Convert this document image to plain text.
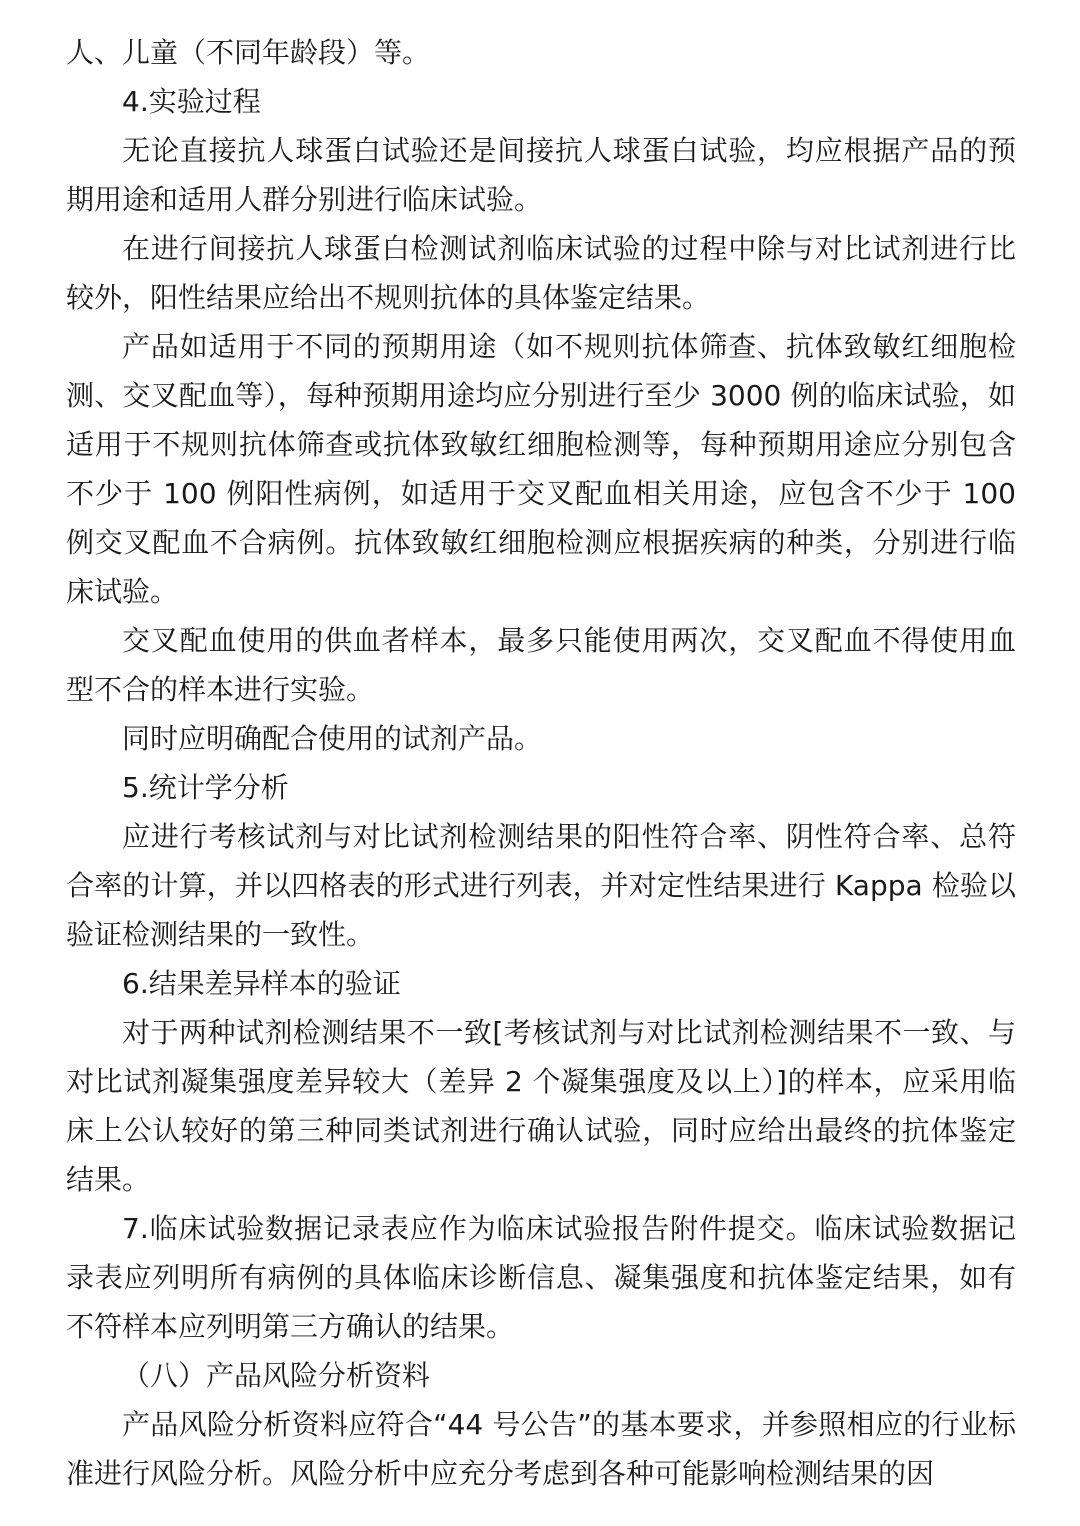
人、儿童（不同年龄段）等。

4.实验过程

无论直接抗人球蛋白试验还是间接抗人球蛋白试验，均应根据产品的预期用途和适用人群分别进行临床试验。

在进行间接抗人球蛋白检测试剂临床试验的过程中除与对比试剂进行比较外，阳性结果应给出不规则抗体的具体鉴定结果。

产品如适用于不同的预期用途（如不规则抗体筛查、抗体致敏红细胞检测、交叉配血等），每种预期用途均应分别进行至少 3000 例的临床试验，如适用于不规则抗体筛查或抗体致敏红细胞检测等，每种预期用途应分别包含不少于 100 例阳性病例，如适用于交叉配血相关用途，应包含不少于 100 例交叉配血不合病例。抗体致敏红细胞检测应根据疾病的种类，分别进行临床试验。

交叉配血使用的供血者样本，最多只能使用两次，交叉配血不得使用血型不合的样本进行实验。

同时应明确配合使用的试剂产品。

5.统计学分析

应进行考核试剂与对比试剂检测结果的阳性符合率、阴性符合率、总符合率的计算，并以四格表的形式进行列表，并对定性结果进行 Kappa 检验以验证检测结果的一致性。

6.结果差异样本的验证

对于两种试剂检测结果不一致[考核试剂与对比试剂检测结果不一致、与对比试剂凝集强度差异较大（差异 2 个凝集强度及以上）]的样本，应采用临床上公认较好的第三种同类试剂进行确认试验，同时应给出最终的抗体鉴定结果。

7.临床试验数据记录表应作为临床试验报告附件提交。临床试验数据记录表应列明所有病例的具体临床诊断信息、凝集强度和抗体鉴定结果，如有不符样本应列明第三方确认的结果。

（八）产品风险分析资料

产品风险分析资料应符合“44 号公告”的基本要求，并参照相应的行业标准进行风险分析。风险分析中应充分考虑到各种可能影响检测结果的因
